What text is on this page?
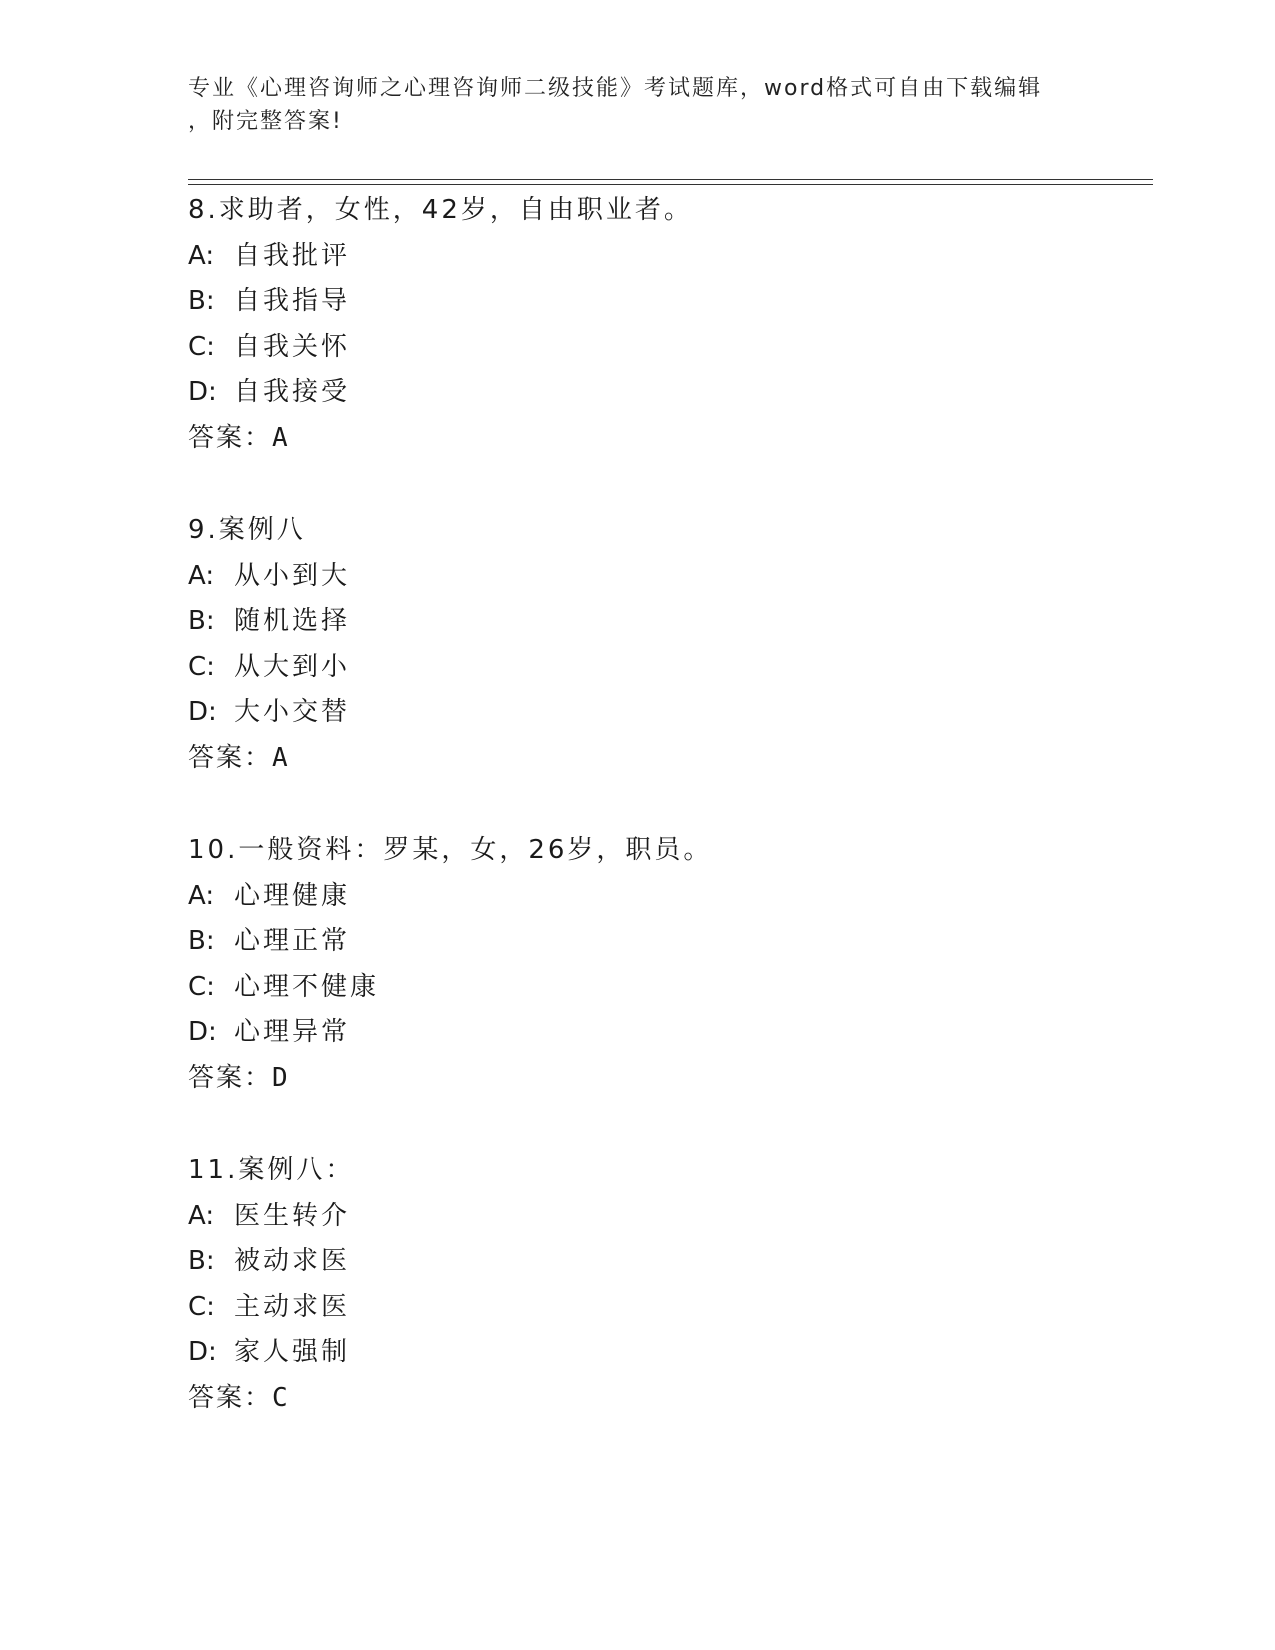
专业《心理咨询师之心理咨询师二级技能》考试题库，word格式可自由下载编辑
，附完整答案!
8.求助者，女性，42岁，自由职业者。
A: 自我批评
B: 自我指导
C: 自我关怀
D: 自我接受
答案：A
9.案例八
A: 从小到大
B: 随机选择
C: 从大到小
D: 大小交替
答案：A
10.一般资料：罗某，女，26岁，职员。
A: 心理健康
B: 心理正常
C: 心理不健康
D: 心理异常
答案：D
11.案例八：
A: 医生转介
B: 被动求医
C: 主动求医
D: 家人强制
答案：C
